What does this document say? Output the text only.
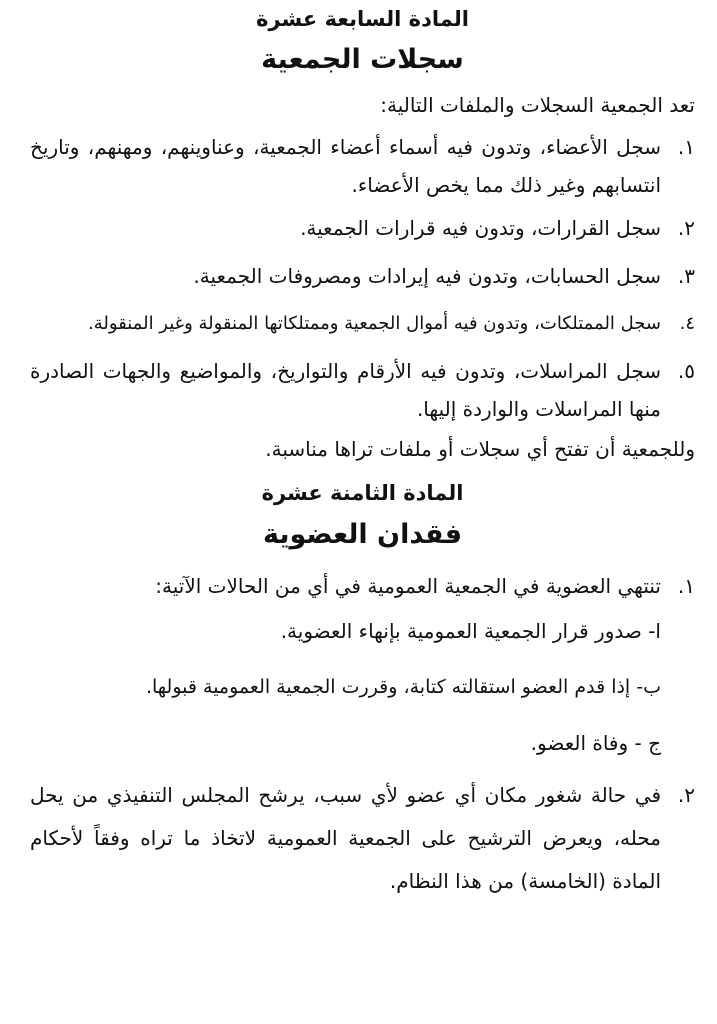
المادة السابعة عشرة

سجلات الجمعية

تعد الجمعية السجلات والملفات التالية:

١.
سجل الأعضاء، وتدون فيه أسماء أعضاء الجمعية، وعناوينهم، ومهنهم، وتاريخ انتسابهم وغير ذلك مما يخص الأعضاء.
٢.
سجل القرارات، وتدون فيه قرارات الجمعية.
٣.
سجل الحسابات، وتدون فيه إيرادات ومصروفات الجمعية.
٤.
سجل الممتلكات، وتدون فيه أموال الجمعية وممتلكاتها المنقولة وغير المنقولة.
٥.
سجل المراسلات، وتدون فيه الأرقام والتواريخ، والمواضيع والجهات الصادرة منها المراسلات والواردة إليها.

وللجمعية أن تفتح أي سجلات أو ملفات تراها مناسبة.

المادة الثامنة عشرة

فقدان العضوية

١.
تنتهي العضوية في الجمعية العمومية في أي من الحالات الآتية:

ا- صدور قرار الجمعية العمومية بإنهاء العضوية.

ب- إذا قدم العضو استقالته كتابة، وقررت الجمعية العمومية قبولها.

ج - وفاة العضو.

٢.
في حالة شغور مكان أي عضو لأي سبب، يرشح المجلس التنفيذي من يحل محله، ويعرض الترشيح على الجمعية العمومية لاتخاذ ما تراه وفقاً لأحكام المادة (الخامسة) من هذا النظام.
